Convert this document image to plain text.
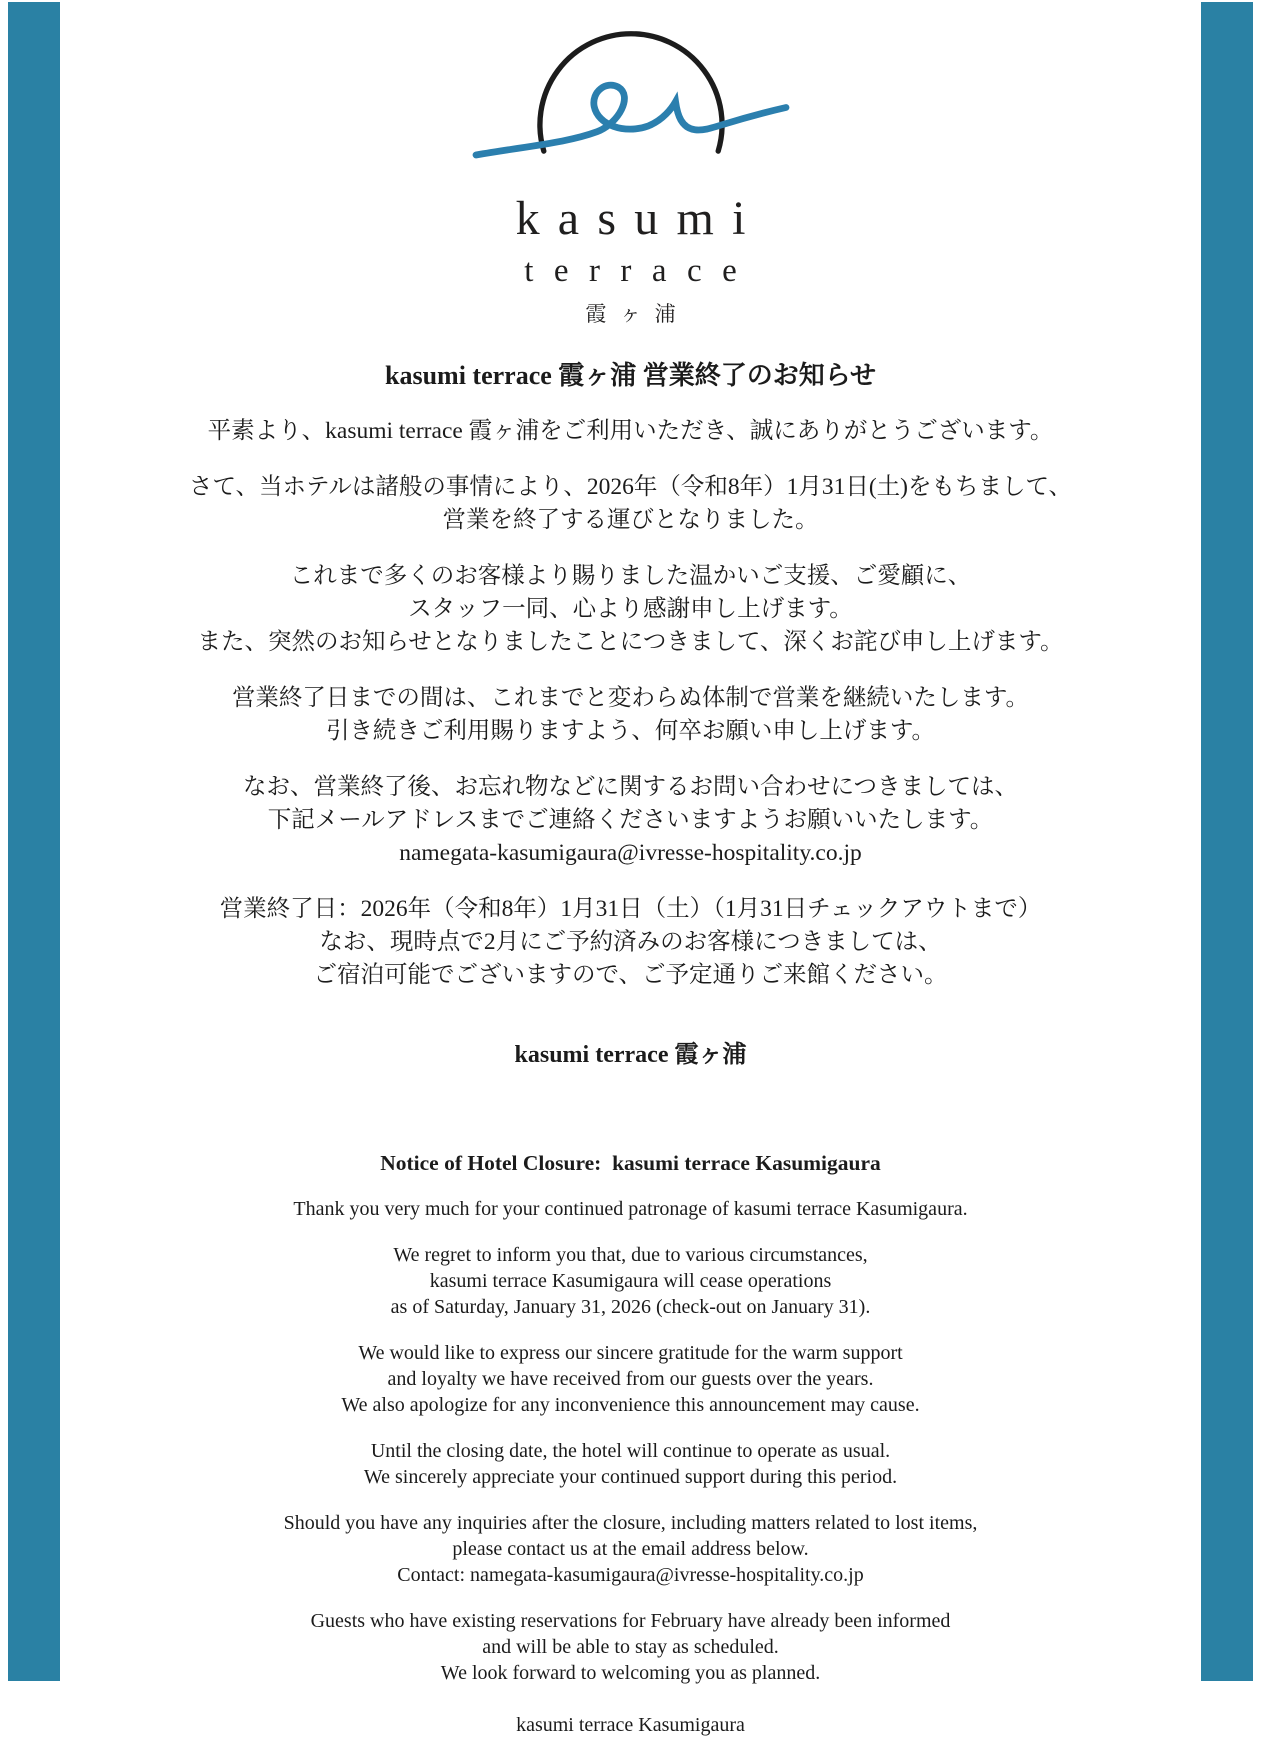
kasumi
terrace
霞ヶ浦
kasumi terrace 霞ヶ浦 営業終了のお知らせ

平素より、kasumi terrace 霞ヶ浦をご利用いただき、誠にありがとうございます。

さて、当ホテルは諸般の事情により、2026年（令和8年）1月31日(土)をもちまして、
営業を終了する運びとなりました。

これまで多くのお客様より賜りました温かいご支援、ご愛顧に、
スタッフ一同、心より感謝申し上げます。
また、突然のお知らせとなりましたことにつきまして、深くお詫び申し上げます。

営業終了日までの間は、これまでと変わらぬ体制で営業を継続いたします。
引き続きご利用賜りますよう、何卒お願い申し上げます。

なお、営業終了後、お忘れ物などに関するお問い合わせにつきましては、
下記メールアドレスまでご連絡くださいますようお願いいたします。
namegata-kasumigaura@ivresse-hospitality.co.jp

営業終了日：2026年（令和8年）1月31日（土）（1月31日チェックアウトまで）
なお、現時点で2月にご予約済みのお客様につきましては、
ご宿泊可能でございますので、ご予定通りご来館ください。

kasumi terrace 霞ヶ浦
Notice of Hotel Closure:  kasumi terrace Kasumigaura

Thank you very much for your continued patronage of kasumi terrace Kasumigaura.

We regret to inform you that, due to various circumstances,
kasumi terrace Kasumigaura will cease operations
as of Saturday, January 31, 2026 (check-out on January 31).

We would like to express our sincere gratitude for the warm support
and loyalty we have received from our guests over the years.
We also apologize for any inconvenience this announcement may cause.

Until the closing date, the hotel will continue to operate as usual.
We sincerely appreciate your continued support during this period.

Should you have any inquiries after the closure, including matters related to lost items,
please contact us at the email address below.
Contact: namegata-kasumigaura@ivresse-hospitality.co.jp

Guests who have existing reservations for February have already been informed
and will be able to stay as scheduled.
We look forward to welcoming you as planned.

kasumi terrace Kasumigaura
